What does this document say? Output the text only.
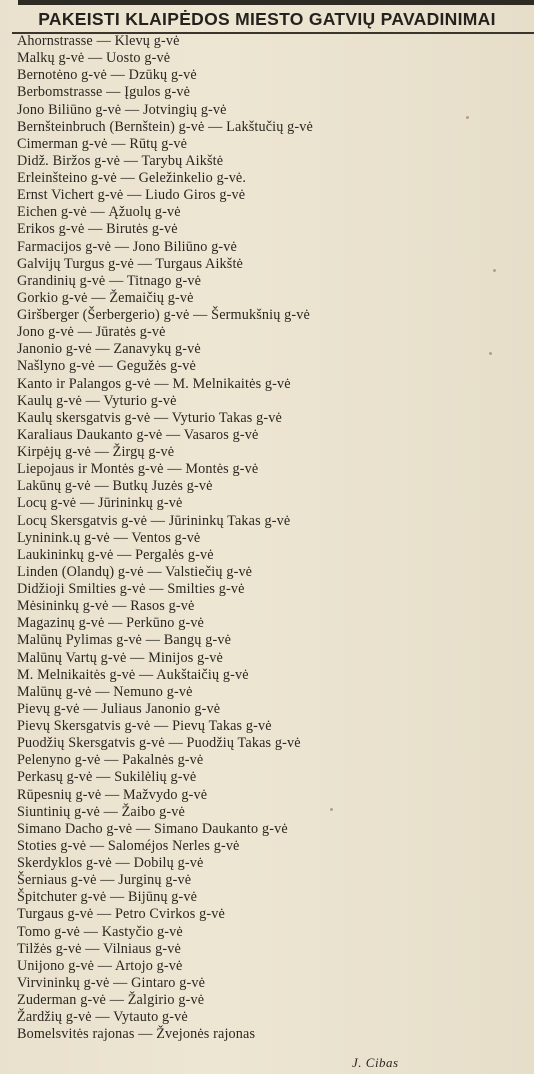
PAKEISTI KLAIPĖDOS MIESTO GATVIŲ PAVADINIMAI
Ahornstrasse — Klevų g-vė
Malkų g-vė — Uosto g-vė
Bernotėno g-vė — Dzūkų g-vė
Berbomstrasse — Įgulos g-vė
Jono Biliūno g-vė — Jotvingių g-vė
Bernšteinbruch (Bernštein) g-vė — Lakštučių g-vė
Cimerman g-vė — Rūtų g-vė
Didž. Biržos g-vė — Tarybų Aikštė
Erleinšteino g-vė — Geležinkelio g-vė.
Ernst Vichert g-vė — Liudo Giros g-vė
Eichen g-vė — Ąžuolų g-vė
Erikos g-vė — Birutės g-vė
Farmacijos g-vė — Jono Biliūno g-vė
Galvijų Turgus g-vė — Turgaus Aikštė
Grandinių g-vė — Titnago g-vė
Gorkio g-vė — Žemaičių g-vė
Giršberger (Šerbergerio) g-vė — Šermukšnių g-vė
Jono g-vė — Jūratės g-vė
Janonio g-vė — Zanavykų g-vė
Našlyno g-vė — Gegužės g-vė
Kanto ir Palangos g-vė — M. Melnikaitės g-vė
Kaulų g-vė — Vyturio g-vė
Kaulų skersgatvis g-vė — Vyturio Takas g-vė
Karaliaus Daukanto g-vė — Vasaros g-vė
Kirpėjų g-vė — Žirgų g-vė
Liepojaus ir Montės g-vė — Montės g-vė
Lakūnų g-vė — Butkų Juzės g-vė
Locų g-vė — Jūrininkų g-vė
Locų Skersgatvis g-vė — Jūrininkų Takas g-vė
Lyninink.ų g-vė — Ventos g-vė
Laukininkų g-vė — Pergalės g-vė
Linden (Olandų) g-vė — Valstiečių g-vė
Didžioji Smilties g-vė — Smilties g-vė
Mėsininkų g-vė — Rasos g-vė
Magazinų g-vė — Perkūno g-vė
Malūnų Pylimas g-vė — Bangų g-vė
Malūnų Vartų g-vė — Minijos g-vė
M. Melnikaitės g-vė — Aukštaičių g-vė
Malūnų g-vė — Nemuno g-vė
Pievų g-vė — Juliaus Janonio g-vė
Pievų Skersgatvis g-vė — Pievų Takas g-vė
Puodžių Skersgatvis g-vė — Puodžių Takas g-vė
Pelenyno g-vė — Pakalnės g-vė
Perkasų g-vė — Sukilėlių g-vė
Rūpesnių g-vė — Mažvydo g-vė
Siuntinių g-vė — Žaibo g-vė
Simano Dacho g-vė — Simano Daukanto g-vė
Stoties g-vė — Saloméjos Nerles g-vė
Skerdyklos g-vė — Dobilų g-vė
Šerniaus g-vė — Jurginų g-vė
Špitchuter g-vė — Bijūnų g-vė
Turgaus g-vė — Petro Cvirkos g-vė
Tomo g-vė — Kastyčio g-vė
Tilžės g-vė — Vilniaus g-vė
Unijono g-vė — Artojo g-vė
Virvininkų g-vė — Gintaro g-vė
Zuderman g-vė — Žalgirio g-vė
Žardžių g-vė — Vytauto g-vė
Bomelsvitės rajonas — Žvejonės rajonas
J. Cibas
